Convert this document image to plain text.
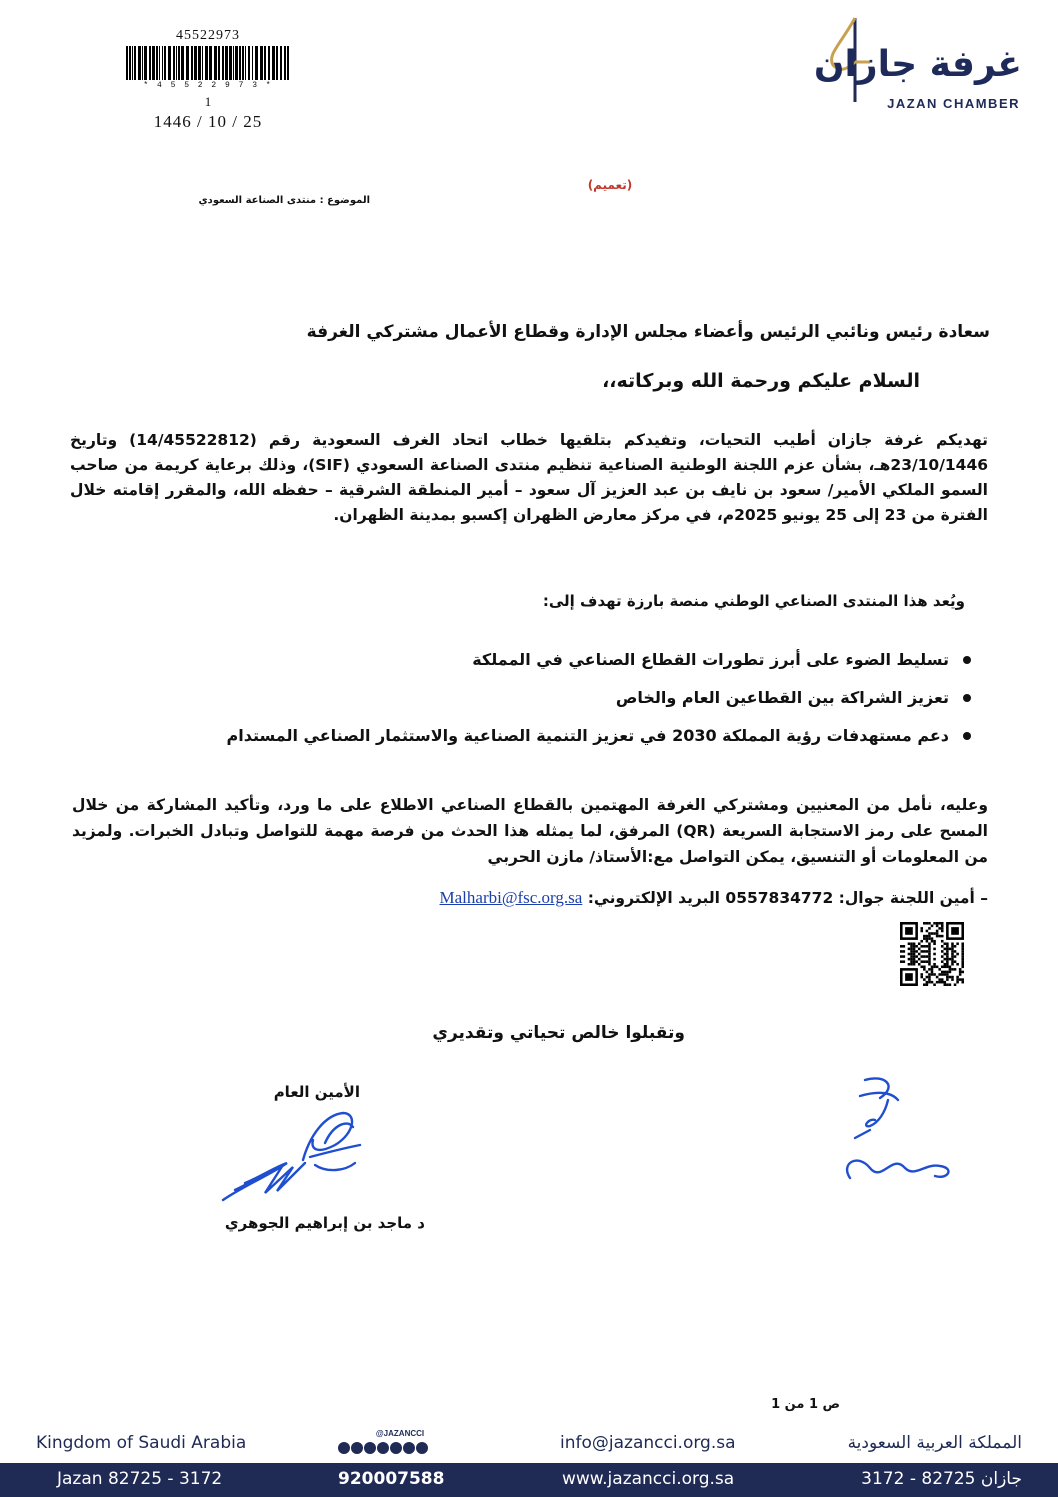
45522973
* 4 5 5 2 2 9 7 3 *
1
1446 / 10 / 25
غرفة جازان
JAZAN CHAMBER
(تعميم)
الموضوع : منتدى الصناعة السعودي
سعادة رئيس ونائبي الرئيس وأعضاء مجلس الإدارة وقطاع الأعمال مشتركي الغرفة
السلام عليكم ورحمة الله وبركاته،،
تهديكم غرفة جازان أطيب التحيات، وتفيدكم بتلقيها خطاب اتحاد الغرف السعودية رقم (14/45522812) وتاريخ 23/10/1446هـ، بشأن عزم اللجنة الوطنية الصناعية تنظيم منتدى الصناعة السعودي (SIF)، وذلك برعاية كريمة من صاحب السمو الملكي الأمير/ سعود بن نايف بن عبد العزيز آل سعود – أمير المنطقة الشرقية – حفظه الله، والمقرر إقامته خلال الفترة من 23 إلى 25 يونيو 2025م، في مركز معارض الظهران إكسبو بمدينة الظهران.
ويُعد هذا المنتدى الصناعي الوطني منصة بارزة تهدف إلى:
تسليط الضوء على أبرز تطورات القطاع الصناعي في المملكة
تعزيز الشراكة بين القطاعين العام والخاص
دعم مستهدفات رؤية المملكة 2030 في تعزيز التنمية الصناعية والاستثمار الصناعي المستدام
وعليه، نأمل من المعنيين ومشتركي الغرفة المهتمين بالقطاع الصناعي الاطلاع على ما ورد، وتأكيد المشاركة من خلال المسح على رمز الاستجابة السريعة (QR) المرفق، لما يمثله هذا الحدث من فرصة مهمة للتواصل وتبادل الخبرات. ولمزيد من المعلومات أو التنسيق، يمكن التواصل مع:الأستاذ/ مازن الحربي
– أمين اللجنة جوال: 0557834772 البريد الإلكتروني: Malharbi@fsc.org.sa
وتقبلوا خالص تحياتي وتقديري
الأمين العام
د ماجد بن إبراهيم الجوهري
ص 1 من 1
Kingdom of Saudi Arabia	@JAZANCCI	info@jazancci.org.sa	المملكة العربية السعودية
Jazan 82725 - 3172	920007588	www.jazancci.org.sa	جازان 82725 - 3172
